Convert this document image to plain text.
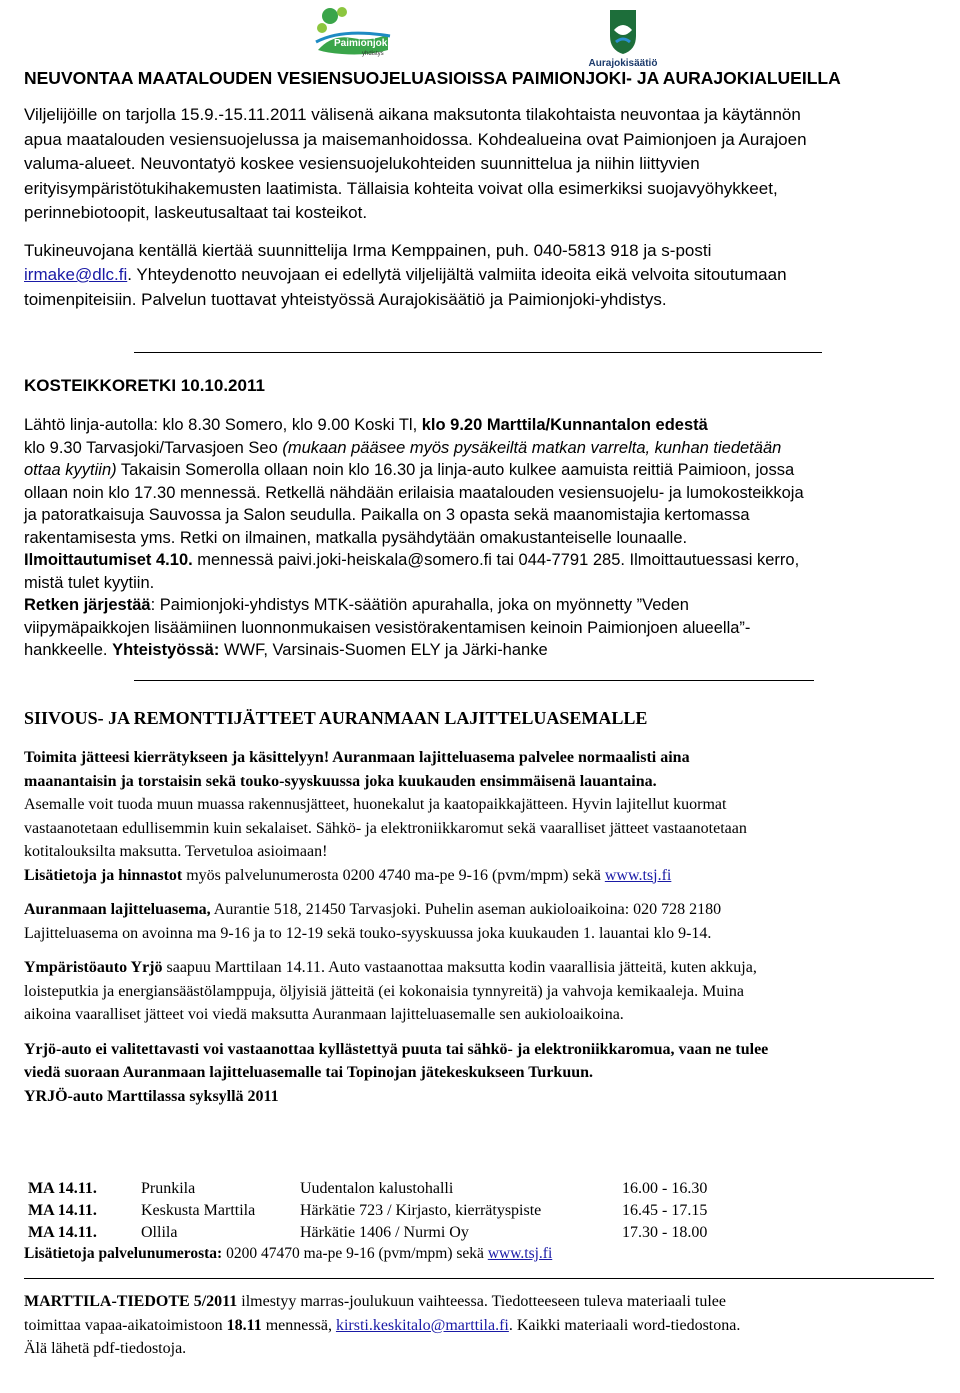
Paimionjoki
yhdistys
Aurajokisäätiö
NEUVONTAA MAATALOUDEN VESIENSUOJELUASIOISSA PAIMIONJOKI- JA AURAJOKIALUEILLA
Viljelijöille on tarjolla 15.9.-15.11.2011 välisenä aikana maksutonta tilakohtaista neuvontaa ja käytännön
apua maatalouden vesiensuojelussa ja maisemanhoidossa. Kohdealueina ovat Paimionjoen ja Aurajoen
valuma-alueet. Neuvontatyö koskee vesiensuojelukohteiden suunnittelua ja niihin liittyvien
erityisympäristötukihakemusten laatimista. Tällaisia kohteita voivat olla esimerkiksi suojavyöhykkeet,
perinnebiotoopit, laskeutusaltaat tai kosteikot.
Tukineuvojana kentällä kiertää suunnittelija Irma Kemppainen, puh. 040-5813 918 ja s-posti
irmake@dlc.fi. Yhteydenotto neuvojaan ei edellytä viljelijältä valmiita ideoita eikä velvoita sitoutumaan
toimenpiteisiin. Palvelun tuottavat yhteistyössä Aurajokisäätiö ja Paimionjoki-yhdistys.
KOSTEIKKORETKI 10.10.2011
Lähtö linja-autolla: klo 8.30 Somero, klo 9.00 Koski Tl, klo 9.20 Marttila/Kunnantalon edestä
klo 9.30 Tarvasjoki/Tarvasjoen Seo (mukaan pääsee myös pysäkeiltä matkan varrelta, kunhan tiedetään
ottaa kyytiin) Takaisin Somerolla ollaan noin klo 16.30 ja linja-auto kulkee aamuista reittiä Paimioon, jossa
ollaan noin klo 17.30 mennessä. Retkellä nähdään erilaisia maatalouden vesiensuojelu- ja lumokosteikkoja
ja patoratkaisuja Sauvossa ja Salon seudulla. Paikalla on 3 opasta sekä maanomistajia kertomassa
rakentamisesta yms. Retki on ilmainen, matkalla pysähdytään omakustanteiselle lounaalle.
Ilmoittautumiset 4.10. mennessä paivi.joki-heiskala@somero.fi tai 044-7791 285. Ilmoittautuessasi kerro,
mistä tulet kyytiin.
Retken järjestää: Paimionjoki-yhdistys MTK-säätiön apurahalla, joka on myönnetty ”Veden
viipymäpaikkojen lisäämiinen luonnonmukaisen vesistörakentamisen keinoin Paimionjoen alueella”-
hankkeelle. Yhteistyössä: WWF, Varsinais-Suomen ELY ja Järki-hanke
SIIVOUS- JA REMONTTIJÄTTEET AURANMAAN LAJITTELUASEMALLE
Toimita jätteesi kierrätykseen ja käsittelyyn! Auranmaan lajitteluasema palvelee normaalisti aina
maanantaisin ja torstaisin sekä touko-syyskuussa joka kuukauden ensimmäisenä lauantaina.
Asemalle voit tuoda muun muassa rakennusjätteet, huonekalut ja kaatopaikkajätteen. Hyvin lajitellut kuormat
vastaanotetaan edullisemmin kuin sekalaiset. Sähkö- ja elektroniikkaromut sekä vaaralliset jätteet vastaanotetaan
kotitalouksilta maksutta. Tervetuloa asioimaan!
Lisätietoja ja hinnastot myös palvelunumerosta 0200 4740 ma-pe 9-16 (pvm/mpm) sekä www.tsj.fi
Auranmaan lajitteluasema, Aurantie 518, 21450 Tarvasjoki. Puhelin aseman aukioloaikoina: 020 728 2180
Lajitteluasema on avoinna ma 9-16 ja to 12-19 sekä touko-syyskuussa joka kuukauden 1. lauantai klo 9-14.
Ympäristöauto Yrjö saapuu Marttilaan 14.11. Auto vastaanottaa maksutta kodin vaarallisia jätteitä, kuten akkuja,
loisteputkia ja energiansäästölamppuja, öljyisiä jätteitä (ei kokonaisia tynnyreitä) ja vahvoja kemikaaleja. Muina
aikoina vaaralliset jätteet voi viedä maksutta Auranmaan lajitteluasemalle sen aukioloaikoina.
Yrjö-auto ei valitettavasti voi vastaanottaa kyllästettyä puuta tai sähkö- ja elektroniikkaromua, vaan ne tulee
viedä suoraan Auranmaan lajitteluasemalle tai Topinojan jätekeskukseen Turkuun.
YRJÖ-auto Marttilassa syksyllä 2011
MA 14.11.	Prunkila	Uudentalon kalustohalli	16.00 - 16.30
MA 14.11.	Keskusta Marttila	Härkätie 723 / Kirjasto, kierrätyspiste	16.45 - 17.15
MA 14.11.	Ollila	Härkätie 1406 / Nurmi Oy	17.30 - 18.00
Lisätietoja palvelunumerosta: 0200 47470 ma-pe 9-16 (pvm/mpm) sekä www.tsj.fi
MARTTILA-TIEDOTE 5/2011 ilmestyy marras-joulukuun vaihteessa. Tiedotteeseen tuleva materiaali tulee
toimittaa vapaa-aikatoimistoon 18.11 mennessä, kirsti.keskitalo@marttila.fi. Kaikki materiaali word-tiedostona.
Älä lähetä pdf-tiedostoja.
